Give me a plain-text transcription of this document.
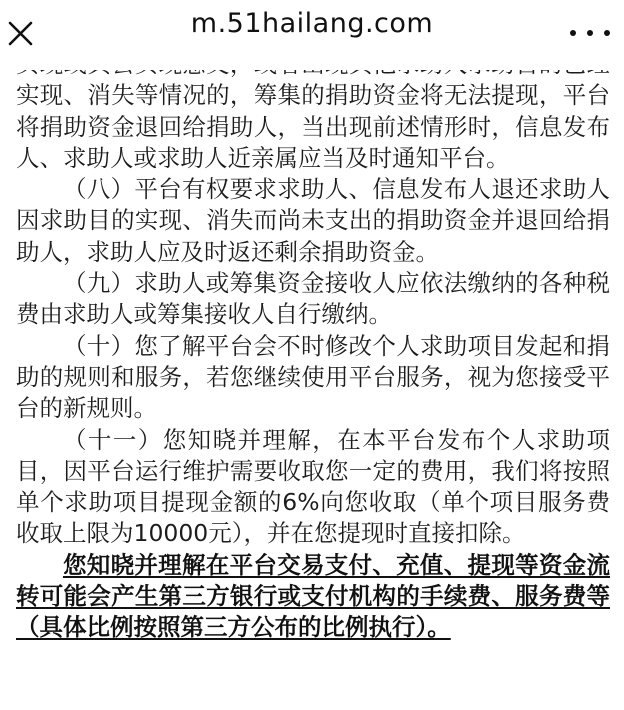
m.51hailang.com

实现、消失等情况的，筹集的捐助资金将无法提现，平台将捐助资金退回给捐助人，当出现前述情形时，信息发布人、求助人或求助人近亲属应当及时通知平台。

（八）平台有权要求求助人、信息发布人退还求助人因求助目的实现、消失而尚未支出的捐助资金并退回给捐助人，求助人应及时返还剩余捐助资金。

（九）求助人或筹集资金接收人应依法缴纳的各种税费由求助人或筹集接收人自行缴纳。

（十）您了解平台会不时修改个人求助项目发起和捐助的规则和服务，若您继续使用平台服务，视为您接受平台的新规则。

（十一）您知晓并理解，在本平台发布个人求助项目，因平台运行维护需要收取您一定的费用，我们将按照单个求助项目提现金额的6%向您收取（单个项目服务费收取上限为10000元），并在您提现时直接扣除。

您知晓并理解在平台交易支付、充值、提现等资金流转可能会产生第三方银行或支付机构的手续费、服务费等（具体比例按照第三方公布的比例执行）。
